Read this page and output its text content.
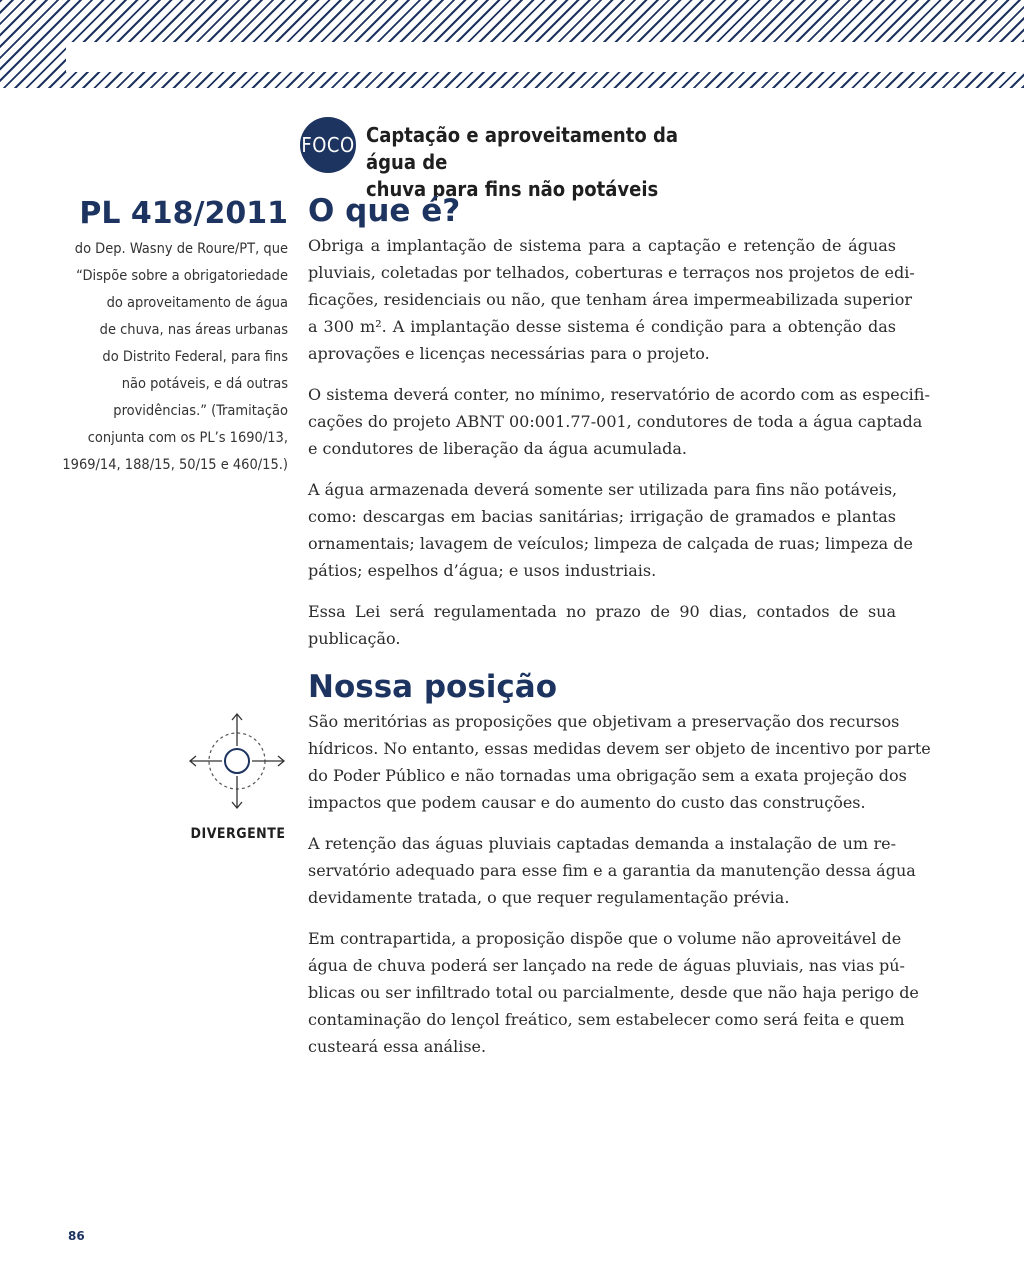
FOCO Captação e aproveitamento da água de
chuva para fins não potáveis
PL 418/2011

do Dep. Wasny de Roure/PT, que
“Dispõe sobre a obrigatoriedade
do aproveitamento de água
de chuva, nas áreas urbanas
do Distrito Federal, para fins
não potáveis, e dá outras
providências.” (Tramitação
conjunta com os PL’s 1690/13,
1969/14, 188/15, 50/15 e 460/15.)

DIVERGENTE
O que é?

Obriga a implantação de sistema para a captação e retenção de águas
pluviais, coletadas por telhados, coberturas e terraços nos projetos de edi-
ficações, residenciais ou não, que tenham área impermeabilizada superior
a 300 m². A implantação desse sistema é condição para a obtenção das
aprovações e licenças necessárias para o projeto.

O sistema deverá conter, no mínimo, reservatório de acordo com as especifi-
cações do projeto ABNT 00:001.77-001, condutores de toda a água captada
e condutores de liberação da água acumulada.

A água armazenada deverá somente ser utilizada para fins não potáveis,
como: descargas em bacias sanitárias; irrigação de gramados e plantas
ornamentais; lavagem de veículos; limpeza de calçada de ruas; limpeza de
pátios; espelhos d’água; e usos industriais.

Essa Lei será regulamentada no prazo de 90 dias, contados de sua
publicação.

Nossa posição

São meritórias as proposições que objetivam a preservação dos recursos
hídricos. No entanto, essas medidas devem ser objeto de incentivo por parte
do Poder Público e não tornadas uma obrigação sem a exata projeção dos
impactos que podem causar e do aumento do custo das construções.

A retenção das águas pluviais captadas demanda a instalação de um re-
servatório adequado para esse fim e a garantia da manutenção dessa água
devidamente tratada, o que requer regulamentação prévia.

Em contrapartida, a proposição dispõe que o volume não aproveitável de
água de chuva poderá ser lançado na rede de águas pluviais, nas vias pú-
blicas ou ser infiltrado total ou parcialmente, desde que não haja perigo de
contaminação do lençol freático, sem estabelecer como será feita e quem
custeará essa análise.

86
